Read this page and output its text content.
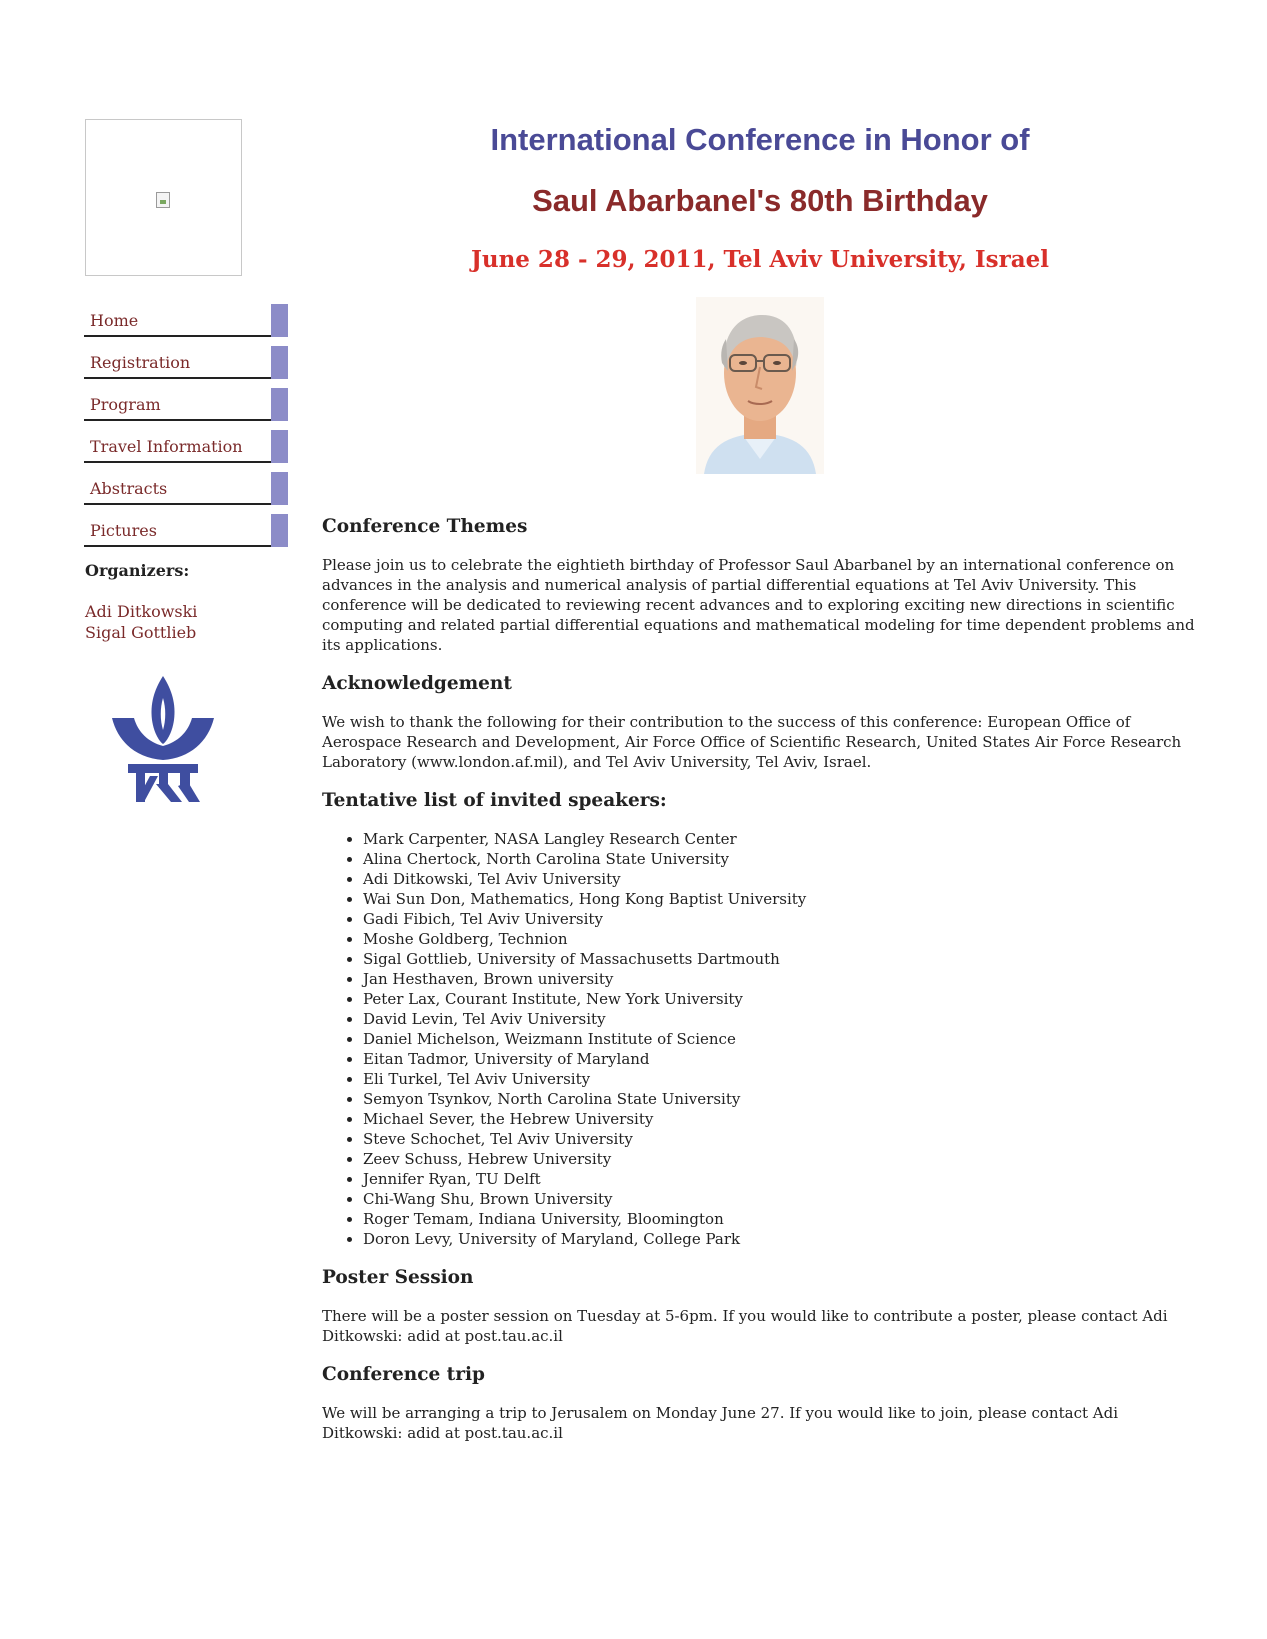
Home
Registration
Program
Travel Information
Abstracts
Pictures
Organizers:
Adi Ditkowski
Sigal Gottlieb
International Conference in Honor of
Saul Abarbanel's 80th Birthday
June 28 - 29, 2011, Tel Aviv University, Israel
Conference Themes

Please join us to celebrate the eightieth birthday of Professor Saul Abarbanel by an international conference on advances in the analysis and numerical analysis of partial differential equations at Tel Aviv University. This conference will be dedicated to reviewing recent advances and to exploring exciting new directions in scientific computing and related partial differential equations and mathematical modeling for time dependent problems and its applications.

Acknowledgement

We wish to thank the following for their contribution to the success of this conference: European Office of Aerospace Research and Development, Air Force Office of Scientific Research, United States Air Force Research Laboratory (www.london.af.mil), and Tel Aviv University, Tel Aviv, Israel.

Tentative list of invited speakers:
• Mark Carpenter, NASA Langley Research Center
• Alina Chertock, North Carolina State University
• Adi Ditkowski, Tel Aviv University
• Wai Sun Don, Mathematics, Hong Kong Baptist University
• Gadi Fibich, Tel Aviv University
• Moshe Goldberg, Technion
• Sigal Gottlieb, University of Massachusetts Dartmouth
• Jan Hesthaven, Brown university
• Peter Lax, Courant Institute, New York University
• David Levin, Tel Aviv University
• Daniel Michelson, Weizmann Institute of Science
• Eitan Tadmor, University of Maryland
• Eli Turkel, Tel Aviv University
• Semyon Tsynkov, North Carolina State University
• Michael Sever, the Hebrew University
• Steve Schochet, Tel Aviv University
• Zeev Schuss, Hebrew University
• Jennifer Ryan, TU Delft
• Chi-Wang Shu, Brown University
• Roger Temam, Indiana University, Bloomington
• Doron Levy, University of Maryland, College Park
Poster Session

There will be a poster session on Tuesday at 5-6pm. If you would like to contribute a poster, please contact Adi Ditkowski: adid at post.tau.ac.il

Conference trip

We will be arranging a trip to Jerusalem on Monday June 27. If you would like to join, please contact Adi Ditkowski: adid at post.tau.ac.il
